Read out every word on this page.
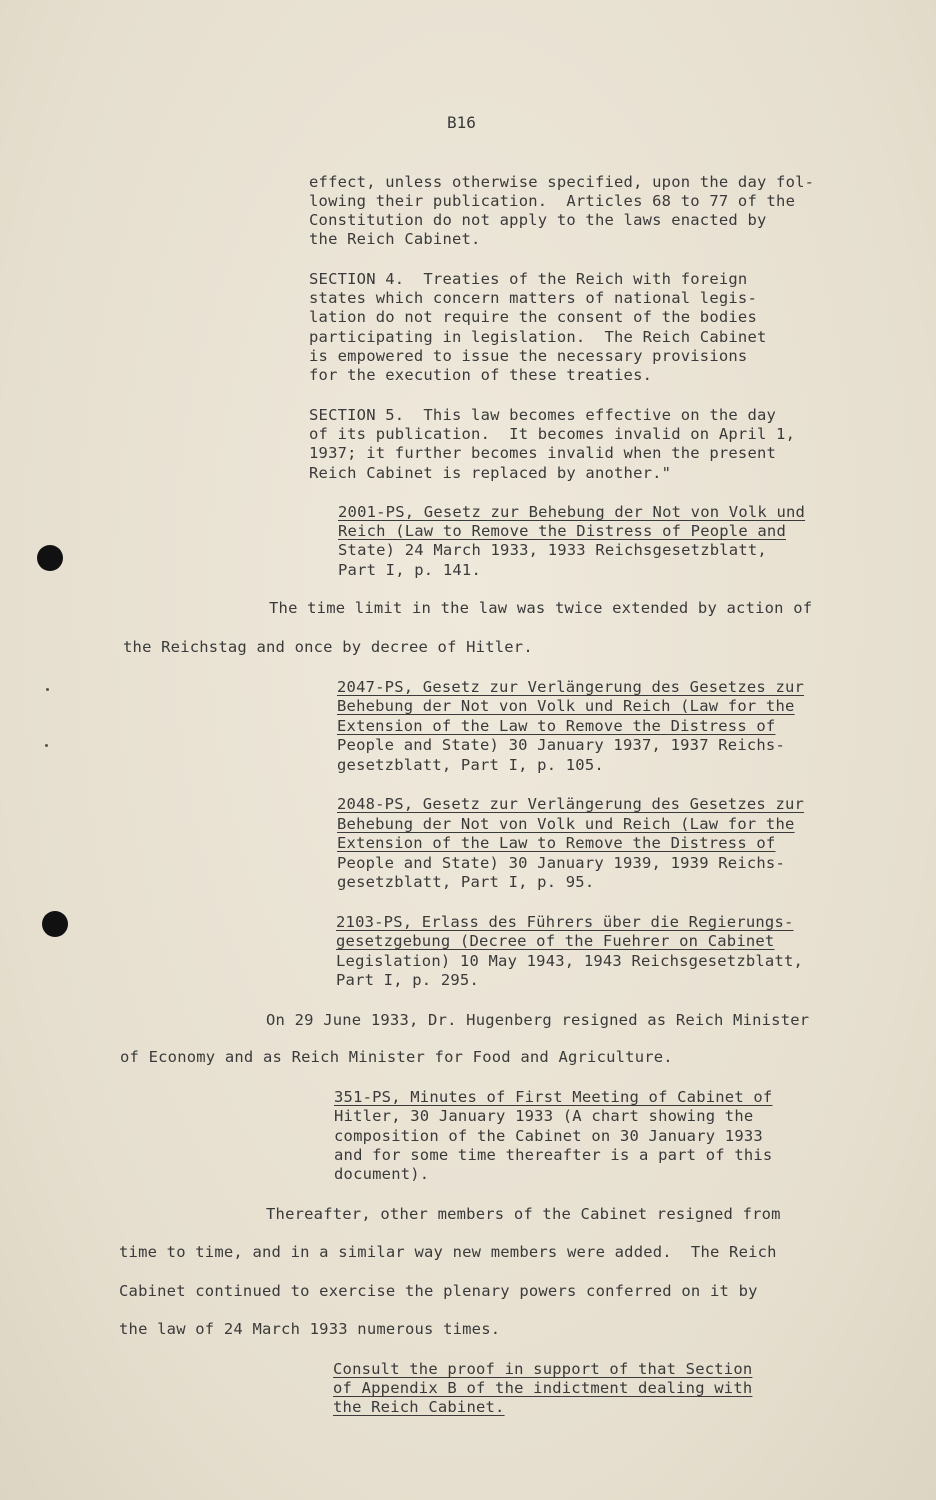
B16
effect, unless otherwise specified, upon the day fol-
lowing their publication.  Articles 68 to 77 of the
Constitution do not apply to the laws enacted by
the Reich Cabinet.
SECTION 4.  Treaties of the Reich with foreign
states which concern matters of national legis-
lation do not require the consent of the bodies
participating in legislation.  The Reich Cabinet
is empowered to issue the necessary provisions
for the execution of these treaties.
SECTION 5.  This law becomes effective on the day
of its publication.  It becomes invalid on April 1,
1937; it further becomes invalid when the present
Reich Cabinet is replaced by another."
2001-PS, Gesetz zur Behebung der Not von Volk und
Reich (Law to Remove the Distress of People and
State) 24 March 1933, 1933 Reichsgesetzblatt,
Part I, p. 141.
The time limit in the law was twice extended by action of
the Reichstag and once by decree of Hitler.
2047-PS, Gesetz zur Verlängerung des Gesetzes zur
Behebung der Not von Volk und Reich (Law for the
Extension of the Law to Remove the Distress of
People and State) 30 January 1937, 1937 Reichs-
gesetzblatt, Part I, p. 105.
2048-PS, Gesetz zur Verlängerung des Gesetzes zur
Behebung der Not von Volk und Reich (Law for the
Extension of the Law to Remove the Distress of
People and State) 30 January 1939, 1939 Reichs-
gesetzblatt, Part I, p. 95.
2103-PS, Erlass des Führers über die Regierungs-
gesetzgebung (Decree of the Fuehrer on Cabinet
Legislation) 10 May 1943, 1943 Reichsgesetzblatt,
Part I, p. 295.
On 29 June 1933, Dr. Hugenberg resigned as Reich Minister
of Economy and as Reich Minister for Food and Agriculture.
351-PS, Minutes of First Meeting of Cabinet of
Hitler, 30 January 1933 (A chart showing the
composition of the Cabinet on 30 January 1933
and for some time thereafter is a part of this
document).
Thereafter, other members of the Cabinet resigned from
time to time, and in a similar way new members were added.  The Reich
Cabinet continued to exercise the plenary powers conferred on it by
the law of 24 March 1933 numerous times.
Consult the proof in support of that Section
of Appendix B of the indictment dealing with
the Reich Cabinet.
